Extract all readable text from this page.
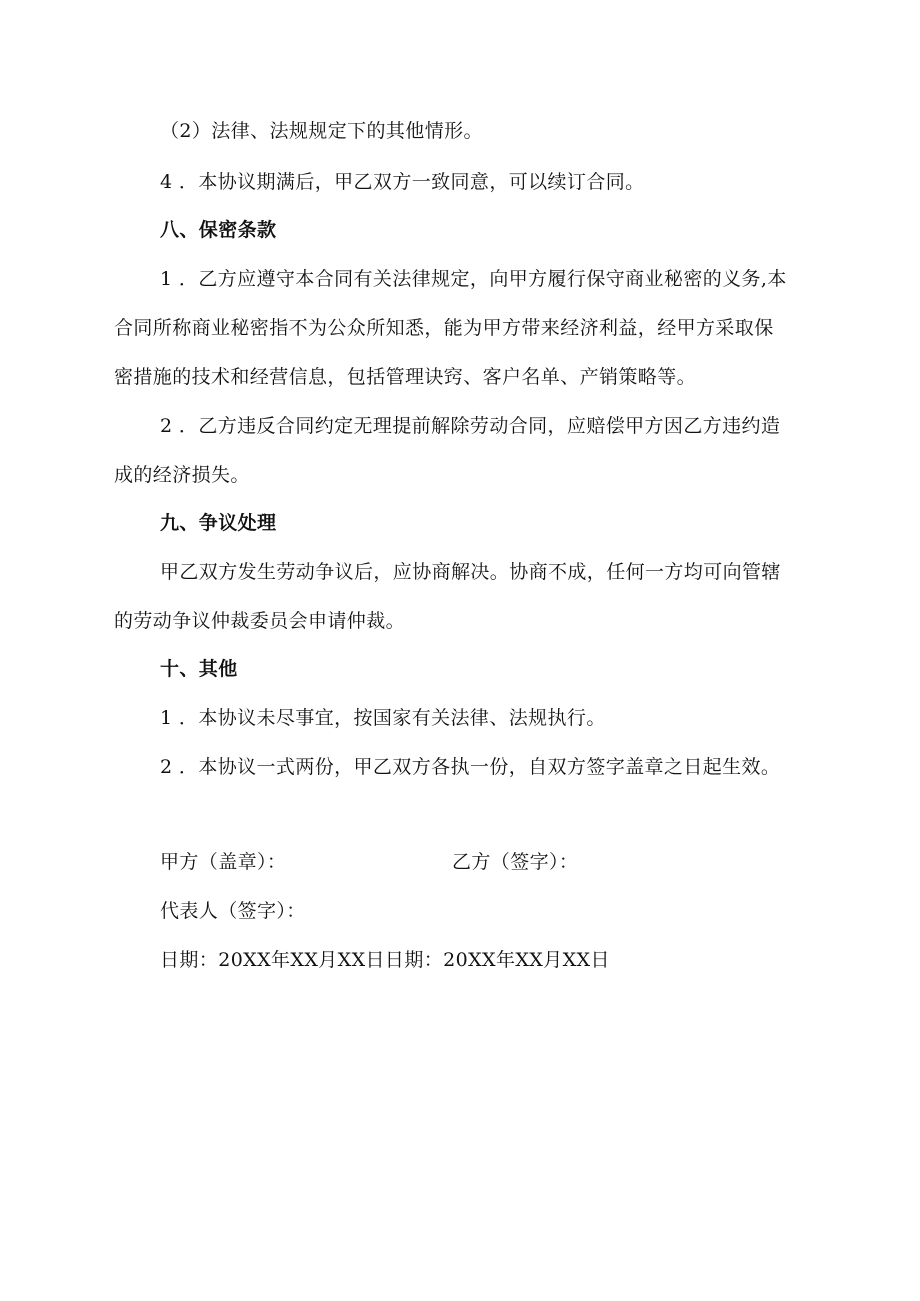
（2）法律、法规规定下的其他情形。
4 ．本协议期满后，甲乙双方一致同意，可以续订合同。
八、保密条款
1 ．乙方应遵守本合同有关法律规定，向甲方履行保守商业秘密的义务,本
合同所称商业秘密指不为公众所知悉，能为甲方带来经济利益，经甲方采取保
密措施的技术和经营信息，包括管理诀窍、客户名单、产销策略等。
2 ．乙方违反合同约定无理提前解除劳动合同，应赔偿甲方因乙方违约造
成的经济损失。
九、争议处理
甲乙双方发生劳动争议后，应协商解决。协商不成，任何一方均可向管辖
的劳动争议仲裁委员会申请仲裁。
十、其他
1 ．本协议未尽事宜，按国家有关法律、法规执行。
2 ．本协议一式两份，甲乙双方各执一份，自双方签字盖章之日起生效。
甲方（盖章）：	乙方（签字）：
代表人（签字）：
日期：20XX年XX月XX日日期：20XX年XX月XX日
